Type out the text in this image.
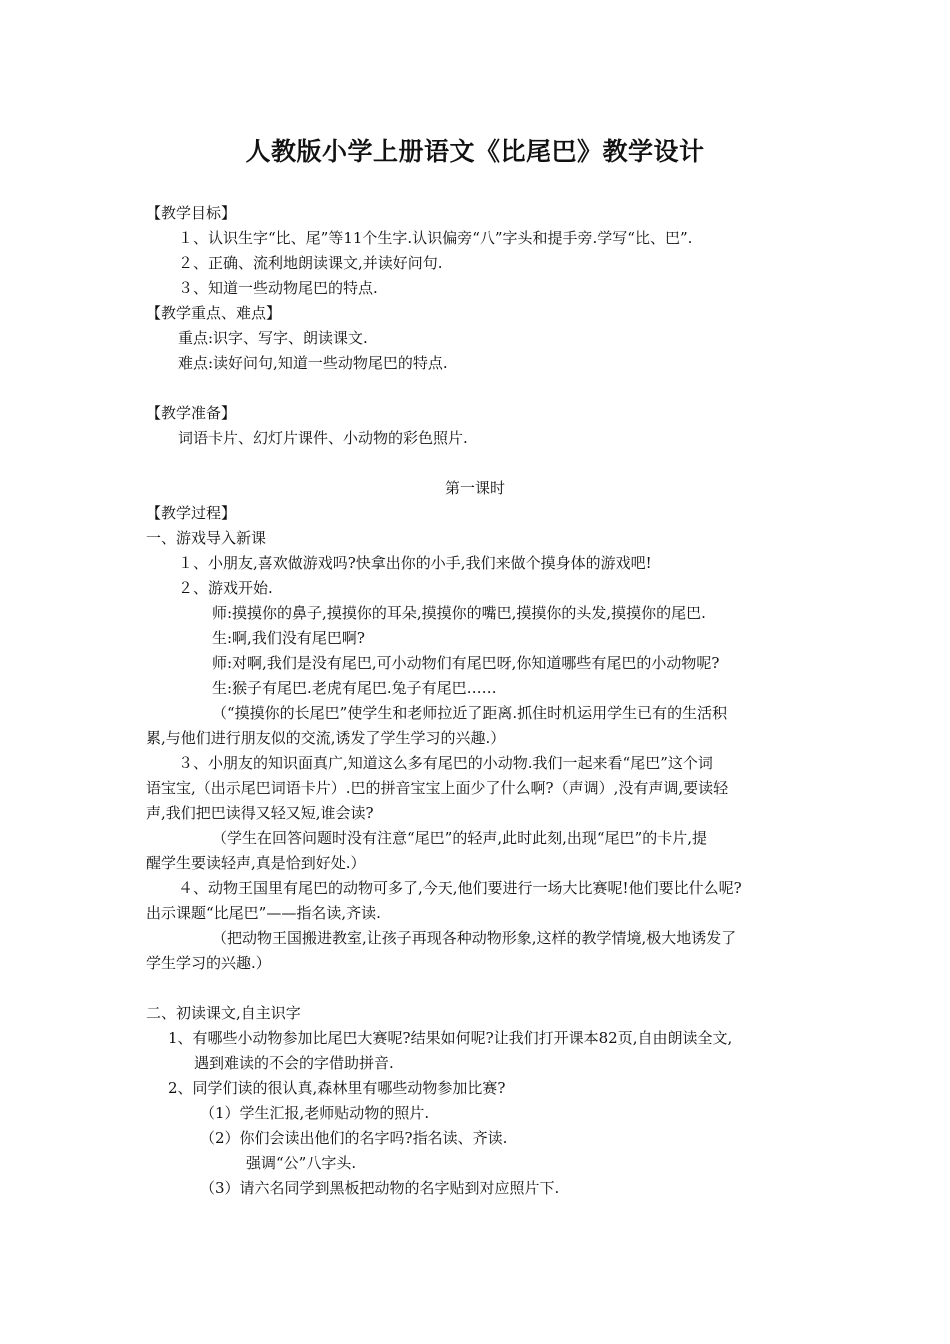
人教版小学上册语文《比尾巴》教学设计
【教学目标】
１、认识生字“比、尾”等11个生字.认识偏旁“八”字头和提手旁.学写“比、巴”.
２、正确、流利地朗读课文,并读好问句.
３、知道一些动物尾巴的特点.
【教学重点、难点】
重点:识字、写字、朗读课文.
难点:读好问句,知道一些动物尾巴的特点.
【教学准备】
词语卡片、幻灯片课件、小动物的彩色照片.
第一课时
【教学过程】
一、游戏导入新课
１、小朋友,喜欢做游戏吗?快拿出你的小手,我们来做个摸身体的游戏吧!
２、游戏开始.
师:摸摸你的鼻子,摸摸你的耳朵,摸摸你的嘴巴,摸摸你的头发,摸摸你的尾巴.
生:啊,我们没有尾巴啊?
师:对啊,我们是没有尾巴,可小动物们有尾巴呀,你知道哪些有尾巴的小动物呢?
生:猴子有尾巴.老虎有尾巴.兔子有尾巴……
（“摸摸你的长尾巴”使学生和老师拉近了距离.抓住时机运用学生已有的生活积
累,与他们进行朋友似的交流,诱发了学生学习的兴趣.）
３、小朋友的知识面真广,知道这么多有尾巴的小动物.我们一起来看“尾巴”这个词
语宝宝,（出示尾巴词语卡片）.巴的拼音宝宝上面少了什么啊?（声调）,没有声调,要读轻
声,我们把巴读得又轻又短,谁会读?
（学生在回答问题时没有注意“尾巴”的轻声,此时此刻,出现“尾巴”的卡片,提
醒学生要读轻声,真是恰到好处.）
４、动物王国里有尾巴的动物可多了,今天,他们要进行一场大比赛呢!他们要比什么呢?
出示课题“比尾巴”——指名读,齐读.
（把动物王国搬进教室,让孩子再现各种动物形象,这样的教学情境,极大地诱发了
学生学习的兴趣.）
二、初读课文,自主识字
1、有哪些小动物参加比尾巴大赛呢?结果如何呢?让我们打开课本82页,自由朗读全文,
遇到难读的不会的字借助拼音.
2、同学们读的很认真,森林里有哪些动物参加比赛?
（1）学生汇报,老师贴动物的照片.
（2）你们会读出他们的名字吗?指名读、齐读.
强调“公”八字头.
（3）请六名同学到黑板把动物的名字贴到对应照片下.
